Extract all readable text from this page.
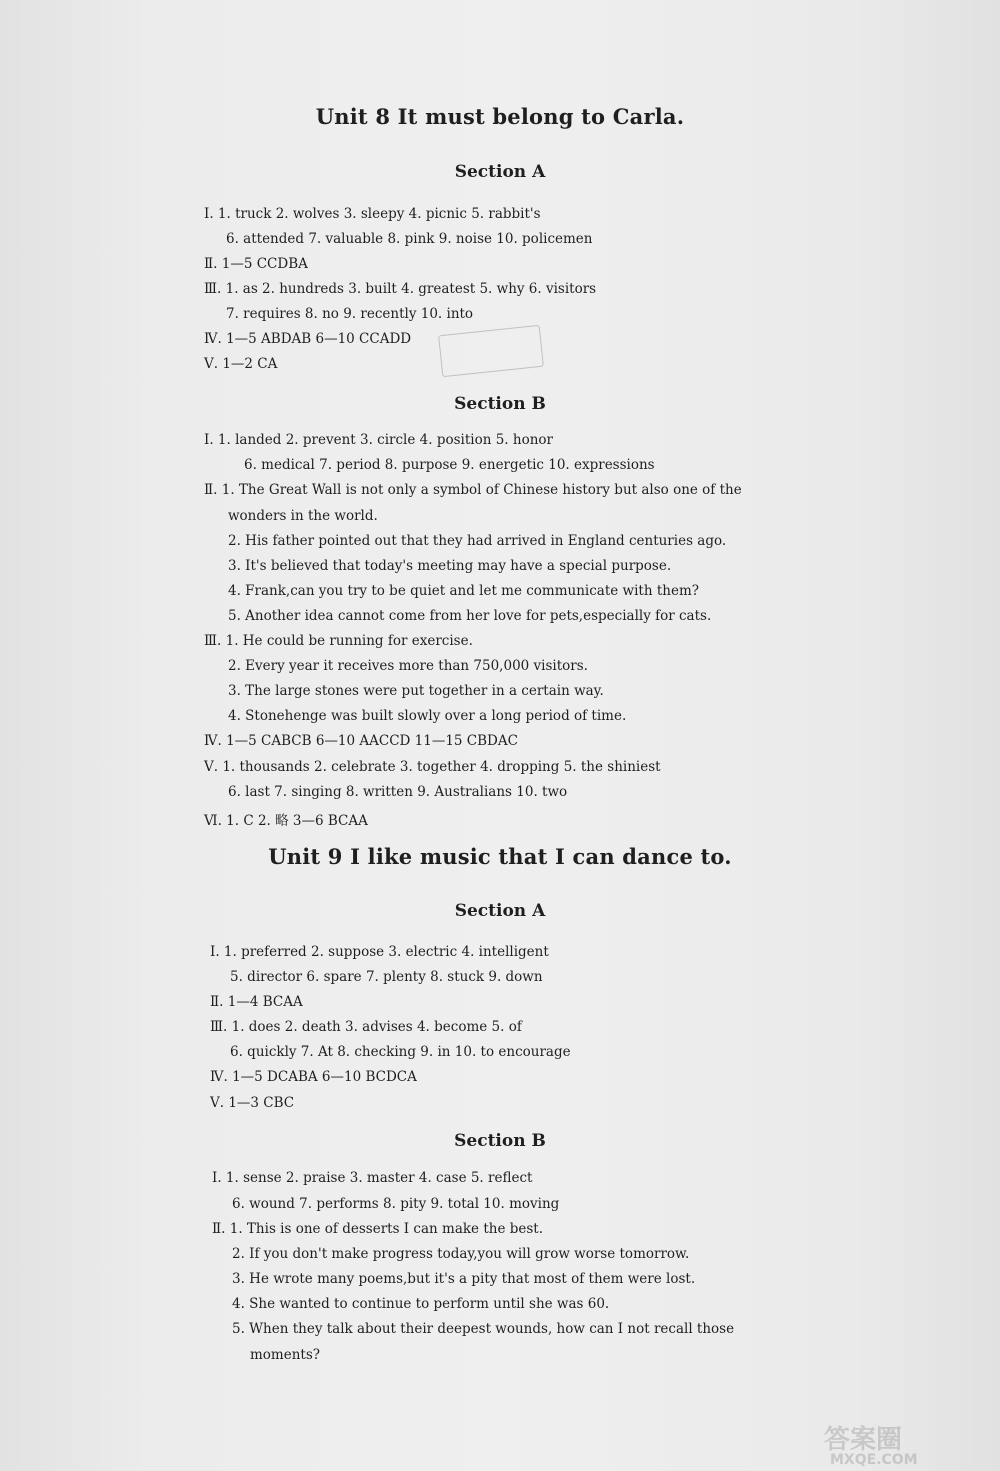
Unit 8 It must belong to Carla.
Section A
Ⅰ. 1. truck 2. wolves 3. sleepy 4. picnic 5. rabbit's
6. attended 7. valuable 8. pink 9. noise 10. policemen
Ⅱ. 1—5 CCDBA
Ⅲ. 1. as 2. hundreds 3. built 4. greatest 5. why 6. visitors
7. requires 8. no 9. recently 10. into
Ⅳ. 1—5 ABDAB 6—10 CCADD
Ⅴ. 1—2 CA
Section B
Ⅰ. 1. landed 2. prevent 3. circle 4. position 5. honor
6. medical 7. period 8. purpose 9. energetic 10. expressions
Ⅱ. 1. The Great Wall is not only a symbol of Chinese history but also one of the
wonders in the world.
2. His father pointed out that they had arrived in England centuries ago.
3. It's believed that today's meeting may have a special purpose.
4. Frank,can you try to be quiet and let me communicate with them?
5. Another idea cannot come from her love for pets,especially for cats.
Ⅲ. 1. He could be running for exercise.
2. Every year it receives more than 750,000 visitors.
3. The large stones were put together in a certain way.
4. Stonehenge was built slowly over a long period of time.
Ⅳ. 1—5 CABCB 6—10 AACCD 11—15 CBDAC
Ⅴ. 1. thousands 2. celebrate 3. together 4. dropping 5. the shiniest
6. last 7. singing 8. written 9. Australians 10. two
Ⅵ. 1. C 2. 略 3—6 BCAA
Unit 9 I like music that I can dance to.
Section A
Ⅰ. 1. preferred 2. suppose 3. electric 4. intelligent
5. director 6. spare 7. plenty 8. stuck 9. down
Ⅱ. 1—4 BCAA
Ⅲ. 1. does 2. death 3. advises 4. become 5. of
6. quickly 7. At 8. checking 9. in 10. to encourage
Ⅳ. 1—5 DCABA 6—10 BCDCA
Ⅴ. 1—3 CBC
Section B
Ⅰ. 1. sense 2. praise 3. master 4. case 5. reflect
6. wound 7. performs 8. pity 9. total 10. moving
Ⅱ. 1. This is one of desserts I can make the best.
2. If you don't make progress today,you will grow worse tomorrow.
3. He wrote many poems,but it's a pity that most of them were lost.
4. She wanted to continue to perform until she was 60.
5. When they talk about their deepest wounds, how can I not recall those
moments?
答案圈
MXQE.COM
